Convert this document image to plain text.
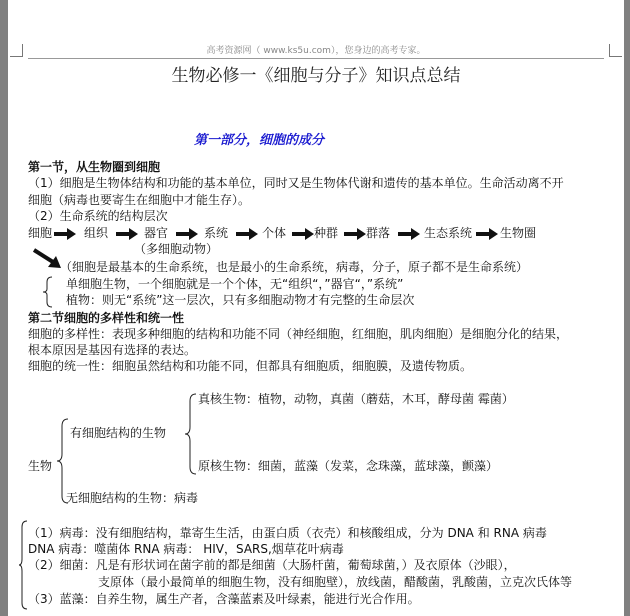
高考资源网（ www.ks5u.com），您身边的高考专家。
生物必修一《细胞与分子》知识点总结
第一部分，细胞的成分
第一节，从生物圈到细胞
（1）细胞是生物体结构和功能的基本单位，同时又是生物体代谢和遗传的基本单位。生命活动离不开
细胞（病毒也要寄生在细胞中才能生存）。
（2）生命系统的结构层次
细胞	组织	器官	系统	个体 种群 群落	生态系统 生物圈
（多细胞动物）
（细胞是最基本的生命系统，也是最小的生命系统，病毒，分子，原子都不是生命系统）
单细胞生物，一个细胞就是一个个体，无“组织“，”器官“，”系统”
植物：则无“系统”这一层次，只有多细胞动物才有完整的生命层次
第二节细胞的多样性和统一性
细胞的多样性：表现多种细胞的结构和功能不同（神经细胞，红细胞，肌肉细胞）是细胞分化的结果，
根本原因是基因有选择的表达。
细胞的统一性：细胞虽然结构和功能不同，但都具有细胞质，细胞膜，及遗传物质。
真核生物：植物，动物，真菌（蘑菇，木耳，酵母菌 霉菌）
有细胞结构的生物
原核生物：细菌，蓝藻（发菜，念珠藻，蓝球藻，颤藻）
生物
无细胞结构的生物：病毒
（1）病毒：没有细胞结构，靠寄生生活，由蛋白质（衣壳）和核酸组成，分为 DNA 和 RNA 病毒
DNA 病毒：噬菌体 RNA 病毒： HIV，SARS,烟草花叶病毒
（2）细菌：凡是有形状词在菌字前的都是细菌（大肠杆菌，葡萄球菌，）及衣原体（沙眼），
支原体（最小最简单的细胞生物，没有细胞壁），放线菌，醋酸菌，乳酸菌，立克次氏体等
（3）蓝藻：自养生物，属生产者，含藻蓝素及叶绿素，能进行光合作用。
